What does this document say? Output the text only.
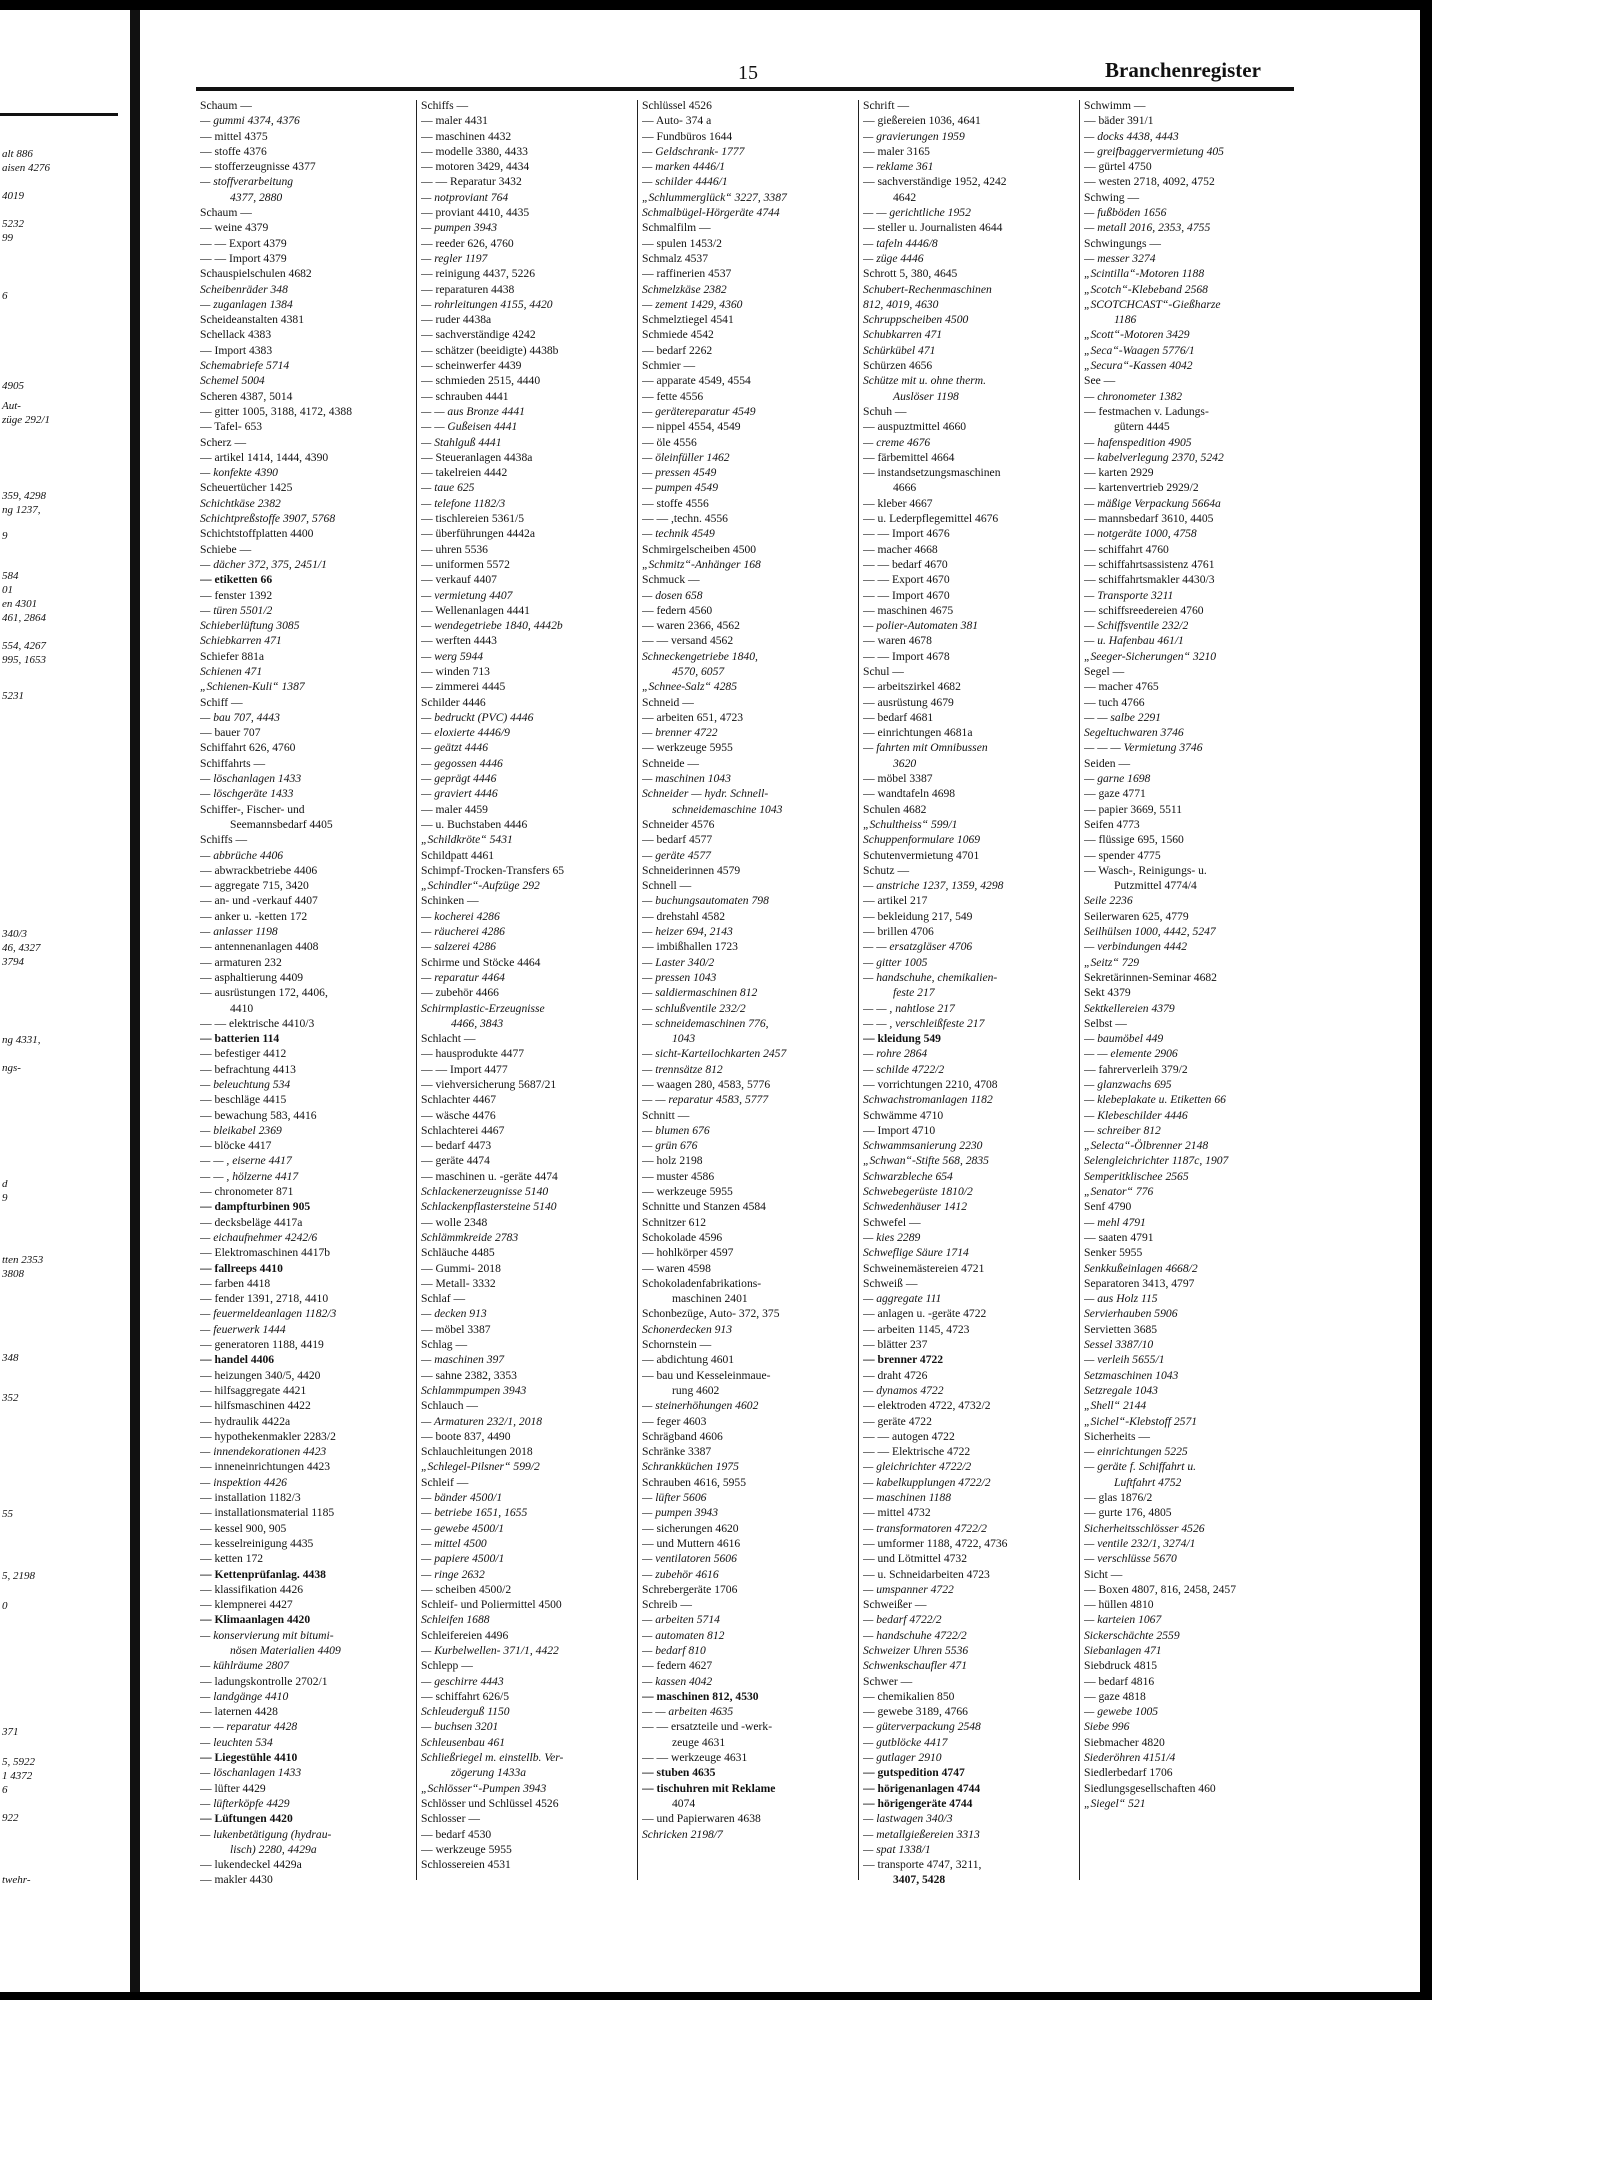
alt 886
aisen 4276
4019
5232
99
6
4905
Aut-
züge 292/1
359, 4298
ng 1237,
9
584
01
en 4301
461, 2864
554, 4267
995, 1653
5231
340/3
46, 4327
3794
ng 4331,
ngs-
d
9
tten 2353
3808
348
352
55
5, 2198
0
371
5, 5922
1 4372
6
922
twehr-
15	Branchenregister
Schaum —
— gummi 4374, 4376
— mittel 4375
— stoffe 4376
— stofferzeugnisse 4377
— stoffverarbeitung
4377, 2880
Schaum —
— weine 4379
— — Export 4379
— — Import 4379
Schauspielschulen 4682
Scheibenräder 348
— zuganlagen 1384
Scheideanstalten 4381
Schellack 4383
— Import 4383
Schemabriefe 5714
Schemel 5004
Scheren 4387, 5014
— gitter 1005, 3188, 4172, 4388
— Tafel- 653
Scherz —
— artikel 1414, 1444, 4390
— konfekte 4390
Scheuertücher 1425
Schichtkäse 2382
Schichtpreßstoffe 3907, 5768
Schichtstoffplatten 4400
Schiebe —
— dächer 372, 375, 2451/1
— etiketten 66
— fenster 1392
— türen 5501/2
Schieberlüftung 3085
Schiebkarren 471
Schiefer 881a
Schienen 471
„Schienen-Kuli“ 1387
Schiff —
— bau 707, 4443
— bauer 707
Schiffahrt 626, 4760
Schiffahrts —
— löschanlagen 1433
— löschgeräte 1433
Schiffer-, Fischer- und
Seemannsbedarf 4405
Schiffs —
— abbrüche 4406
— abwrackbetriebe 4406
— aggregate 715, 3420
— an- und -verkauf 4407
— anker u. -ketten 172
— anlasser 1198
— antennenanlagen 4408
— armaturen 232
— asphaltierung 4409
— ausrüstungen 172, 4406,
4410
— — elektrische 4410/3
— batterien 114
— befestiger 4412
— befrachtung 4413
— beleuchtung 534
— beschläge 4415
— bewachung 583, 4416
— bleikabel 2369
— blöcke 4417
— — , eiserne 4417
— — , hölzerne 4417
— chronometer 871
— dampfturbinen 905
— decksbeläge 4417a
— eichaufnehmer 4242/6
— Elektromaschinen 4417b
— fallreeps 4410
— farben 4418
— fender 1391, 2718, 4410
— feuermeldeanlagen 1182/3
— feuerwerk 1444
— generatoren 1188, 4419
— handel 4406
— heizungen 340/5, 4420
— hilfsaggregate 4421
— hilfsmaschinen 4422
— hydraulik 4422a
— hypothekenmakler 2283/2
— innendekorationen 4423
— inneneinrichtungen 4423
— inspektion 4426
— installation 1182/3
— installationsmaterial 1185
— kessel 900, 905
— kesselreinigung 4435
— ketten 172
— Kettenprüfanlag. 4438
— klassifikation 4426
— klempnerei 4427
— Klimaanlagen 4420
— konservierung mit bitumi-
nösen Materialien 4409
— kühlräume 2807
— ladungskontrolle 2702/1
— landgänge 4410
— laternen 4428
— — reparatur 4428
— leuchten 534
— Liegestühle 4410
— löschanlagen 1433
— lüfter 4429
— lüfterköpfe 4429
— Lüftungen 4420
— lukenbetätigung (hydrau-
lisch) 2280, 4429a
— lukendeckel 4429a
— makler 4430
Schiffs —
— maler 4431
— maschinen 4432
— modelle 3380, 4433
— motoren 3429, 4434
— — Reparatur 3432
— notproviant 764
— proviant 4410, 4435
— pumpen 3943
— reeder 626, 4760
— regler 1197
— reinigung 4437, 5226
— reparaturen 4438
— rohrleitungen 4155, 4420
— ruder 4438a
— sachverständige 4242
— schätzer (beeidigte) 4438b
— scheinwerfer 4439
— schmieden 2515, 4440
— schrauben 4441
— — aus Bronze 4441
— — Gußeisen 4441
— Stahlguß 4441
— Steueranlagen 4438a
— takelreien 4442
— taue 625
— telefone 1182/3
— tischlereien 5361/5
— überführungen 4442a
— uhren 5536
— uniformen 5572
— verkauf 4407
— vermietung 4407
— Wellenanlagen 4441
— wendegetriebe 1840, 4442b
— werften 4443
— werg 5944
— winden 713
— zimmerei 4445
Schilder 4446
— bedruckt (PVC) 4446
— eloxierte 4446/9
— geätzt 4446
— gegossen 4446
— geprägt 4446
— graviert 4446
— maler 4459
— u. Buchstaben 4446
„Schildkröte“ 5431
Schildpatt 4461
Schimpf-Trocken-Transfers 65
„Schindler“-Aufzüge 292
Schinken —
— kocherei 4286
— räucherei 4286
— salzerei 4286
Schirme und Stöcke 4464
— reparatur 4464
— zubehör 4466
Schirmplastic-Erzeugnisse
4466, 3843
Schlacht —
— hausprodukte 4477
— — Import 4477
— viehversicherung 5687/21
Schlachter 4467
— wäsche 4476
Schlachterei 4467
— bedarf 4473
— geräte 4474
— maschinen u. -geräte 4474
Schlackenerzeugnisse 5140
Schlackenpflastersteine 5140
— wolle 2348
Schlämmkreide 2783
Schläuche 4485
— Gummi- 2018
— Metall- 3332
Schlaf —
— decken 913
— möbel 3387
Schlag —
— maschinen 397
— sahne 2382, 3353
Schlammpumpen 3943
Schlauch —
— Armaturen 232/1, 2018
— boote 837, 4490
Schlauchleitungen 2018
„Schlegel-Pilsner“ 599/2
Schleif —
— bänder 4500/1
— betriebe 1651, 1655
— gewebe 4500/1
— mittel 4500
— papiere 4500/1
— ringe 2632
— scheiben 4500/2
Schleif- und Poliermittel 4500
Schleifen 1688
Schleifereien 4496
— Kurbelwellen- 371/1, 4422
Schlepp —
— geschirre 4443
— schiffahrt 626/5
Schleuderguß 1150
— buchsen 3201
Schleusenbau 461
Schließriegel m. einstellb. Ver-
zögerung 1433a
„Schlösser“-Pumpen 3943
Schlösser und Schlüssel 4526
Schlosser —
— bedarf 4530
— werkzeuge 5955
Schlossereien 4531
Schlüssel 4526
— Auto- 374 a
— Fundbüros 1644
— Geldschrank- 1777
— marken 4446/1
— schilder 4446/1
„Schlummerglück“ 3227, 3387
Schmalbügel-Hörgeräte 4744
Schmalfilm —
— spulen 1453/2
Schmalz 4537
— raffinerien 4537
Schmelzkäse 2382
— zement 1429, 4360
Schmelztiegel 4541
Schmiede 4542
— bedarf 2262
Schmier —
— apparate 4549, 4554
— fette 4556
— gerätereparatur 4549
— nippel 4554, 4549
— öle 4556
— öleinfüller 1462
— pressen 4549
— pumpen 4549
— stoffe 4556
— — ,techn. 4556
— technik 4549
Schmirgelscheiben 4500
„Schmitz“-Anhänger 168
Schmuck —
— dosen 658
— federn 4560
— waren 2366, 4562
— — versand 4562
Schneckengetriebe 1840,
4570, 6057
„Schnee-Salz“ 4285
Schneid —
— arbeiten 651, 4723
— brenner 4722
— werkzeuge 5955
Schneide —
— maschinen 1043
Schneider — hydr. Schnell-
schneidemaschine 1043
Schneider 4576
— bedarf 4577
— geräte 4577
Schneiderinnen 4579
Schnell —
— buchungsautomaten 798
— drehstahl 4582
— heizer 694, 2143
— imbißhallen 1723
— Laster 340/2
— pressen 1043
— saldiermaschinen 812
— schlußventile 232/2
— schneidemaschinen 776,
1043
— sicht-Karteilochkarten 2457
— trennsätze 812
— waagen 280, 4583, 5776
— — reparatur 4583, 5777
Schnitt —
— blumen 676
— grün 676
— holz 2198
— muster 4586
— werkzeuge 5955
Schnitte und Stanzen 4584
Schnitzer 612
Schokolade 4596
— hohlkörper 4597
— waren 4598
Schokoladenfabrikations-
maschinen 2401
Schonbezüge, Auto- 372, 375
Schonerdecken 913
Schornstein —
— abdichtung 4601
— bau und Kesseleinmaue-
rung 4602
— steinerhöhungen 4602
— feger 4603
Schrägband 4606
Schränke 3387
Schrankküchen 1975
Schrauben 4616, 5955
— lüfter 5606
— pumpen 3943
— sicherungen 4620
— und Muttern 4616
— ventilatoren 5606
— zubehör 4616
Schrebergeräte 1706
Schreib —
— arbeiten 5714
— automaten 812
— bedarf 810
— federn 4627
— kassen 4042
— maschinen 812, 4530
— — arbeiten 4635
— — ersatzteile und -werk-
zeuge 4631
— — werkzeuge 4631
— stuben 4635
— tischuhren mit Reklame
4074
— und Papierwaren 4638
Schricken 2198/7
Schrift —
— gießereien 1036, 4641
— gravierungen 1959
— maler 3165
— reklame 361
— sachverständige 1952, 4242
4642
— — gerichtliche 1952
— steller u. Journalisten 4644
— tafeln 4446/8
— züge 4446
Schrott 5, 380, 4645
Schubert-Rechenmaschinen
812, 4019, 4630
Schruppscheiben 4500
Schubkarren 471
Schürkübel 471
Schürzen 4656
Schütze mit u. ohne therm.
Auslöser 1198
Schuh —
— auspuztmittel 4660
— creme 4676
— färbemittel 4664
— instandsetzungsmaschinen
4666
— kleber 4667
— u. Lederpflegemittel 4676
— — Import 4676
— macher 4668
— — bedarf 4670
— — Export 4670
— — Import 4670
— maschinen 4675
— polier-Automaten 381
— waren 4678
— — Import 4678
Schul —
— arbeitszirkel 4682
— ausrüstung 4679
— bedarf 4681
— einrichtungen 4681a
— fahrten mit Omnibussen
3620
— möbel 3387
— wandtafeln 4698
Schulen 4682
„Schultheiss“ 599/1
Schuppenformulare 1069
Schutenvermietung 4701
Schutz —
— anstriche 1237, 1359, 4298
— artikel 217
— bekleidung 217, 549
— brillen 4706
— — ersatzgläser 4706
— gitter 1005
— handschuhe, chemikalien-
feste 217
— — , nahtlose 217
— — , verschleißfeste 217
— kleidung 549
— rohre 2864
— schilde 4722/2
— vorrichtungen 2210, 4708
Schwachstromanlagen 1182
Schwämme 4710
— Import 4710
Schwammsanierung 2230
„Schwan“-Stifte 568, 2835
Schwarzbleche 654
Schwebegerüste 1810/2
Schwedenhäuser 1412
Schwefel —
— kies 2289
Schweflige Säure 1714
Schweinemästereien 4721
Schweiß —
— aggregate 111
— anlagen u. -geräte 4722
— arbeiten 1145, 4723
— blätter 237
— brenner 4722
— draht 4726
— dynamos 4722
— elektroden 4722, 4732/2
— geräte 4722
— — autogen 4722
— — Elektrische 4722
— gleichrichter 4722/2
— kabelkupplungen 4722/2
— maschinen 1188
— mittel 4732
— transformatoren 4722/2
— umformer 1188, 4722, 4736
— und Lötmittel 4732
— u. Schneidarbeiten 4723
— umspanner 4722
Schweißer —
— bedarf 4722/2
— handschuhe 4722/2
Schweizer Uhren 5536
Schwenkschaufler 471
Schwer —
— chemikalien 850
— gewebe 3189, 4766
— güterverpackung 2548
— gutblöcke 4417
— gutlager 2910
— gutspedition 4747
— hörigenanlagen 4744
— hörigengeräte 4744
— lastwagen 340/3
— metallgießereien 3313
— spat 1338/1
— transporte 4747, 3211,
3407, 5428
Schwimm —
— bäder 391/1
— docks 4438, 4443
— greifbaggervermietung 405
— gürtel 4750
— westen 2718, 4092, 4752
Schwing —
— fußböden 1656
— metall 2016, 2353, 4755
Schwingungs —
— messer 3274
„Scintilla“-Motoren 1188
„Scotch“-Klebeband 2568
„SCOTCHCAST“-Gießharze
1186
„Scott“-Motoren 3429
„Seca“-Waagen 5776/1
„Secura“-Kassen 4042
See —
— chronometer 1382
— festmachen v. Ladungs-
gütern 4445
— hafenspedition 4905
— kabelverlegung 2370, 5242
— karten 2929
— kartenvertrieb 2929/2
— mäßige Verpackung 5664a
— mannsbedarf 3610, 4405
— notgeräte 1000, 4758
— schiffahrt 4760
— schiffahrtsassistenz 4761
— schiffahrtsmakler 4430/3
— Transporte 3211
— schiffsreedereien 4760
— Schiffsventile 232/2
— u. Hafenbau 461/1
„Seeger-Sicherungen“ 3210
Segel —
— macher 4765
— tuch 4766
— — salbe 2291
Segeltuchwaren 3746
— — — Vermietung 3746
Seiden —
— garne 1698
— gaze 4771
— papier 3669, 5511
Seifen 4773
— flüssige 695, 1560
— spender 4775
— Wasch-, Reinigungs- u.
Putzmittel 4774/4
Seile 2236
Seilerwaren 625, 4779
Seilhülsen 1000, 4442, 5247
— verbindungen 4442
„Seitz“ 729
Sekretärinnen-Seminar 4682
Sekt 4379
Sektkellereien 4379
Selbst —
— baumöbel 449
— — elemente 2906
— fahrerverleih 379/2
— glanzwachs 695
— klebeplakate u. Etiketten 66
— Klebeschilder 4446
— schreiber 812
„Selecta“-Ölbrenner 2148
Selengleichrichter 1187c, 1907
Semperitklischee 2565
„Senator“ 776
Senf 4790
— mehl 4791
— saaten 4791
Senker 5955
Senkkußeinlagen 4668/2
Separatoren 3413, 4797
— aus Holz 115
Servierhauben 5906
Servietten 3685
Sessel 3387/10
— verleih 5655/1
Setzmaschinen 1043
Setzregale 1043
„Shell“ 2144
„Sichel“-Klebstoff 2571
Sicherheits —
— einrichtungen 5225
— geräte f. Schiffahrt u.
Luftfahrt 4752
— glas 1876/2
— gurte 176, 4805
Sicherheitsschlösser 4526
— ventile 232/1, 3274/1
— verschlüsse 5670
Sicht —
— Boxen 4807, 816, 2458, 2457
— hüllen 4810
— karteien 1067
Sickerschächte 2559
Siebanlagen 471
Siebdruck 4815
— bedarf 4816
— gaze 4818
— gewebe 1005
Siebe 996
Siebmacher 4820
Siederöhren 4151/4
Siedlerbedarf 1706
Siedlungsgesellschaften 460
„Siegel“ 521
